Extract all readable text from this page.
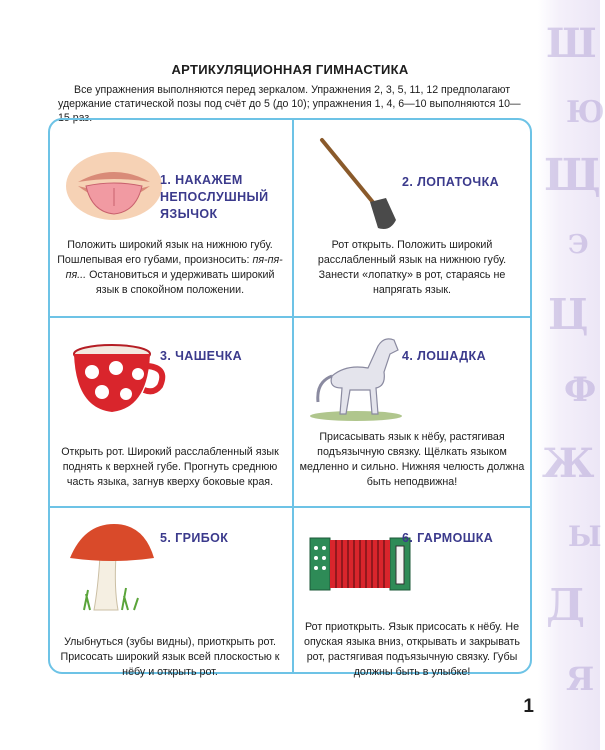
Ш
Ю
Щ
Э
Ц
Ф
Ж
Ы
Д
Я
АРТИКУЛЯЦИОННАЯ ГИМНАСТИКА
Все упражнения выполняются перед зеркалом. Упражнения 2, 3, 5, 11, 12 предполагают удержание статической позы под счёт до 5 (до 10); упражнения 1, 4, 6—10 выполняются 10—15 раз.
1. НАКАЖЕМ НЕПОСЛУШНЫЙ ЯЗЫЧОК
Положить широкий язык на нижнюю губу. Пошлепывая его губами, произносить: пя-пя-пя... Остановиться и удерживать широкий язык в спокойном положении.
2. ЛОПАТОЧКА
Рот открыть. Положить широкий расслабленный язык на нижнюю губу. Занести «лопатку» в рот, стараясь не напрягать язык.
3. ЧАШЕЧКА
Открыть рот. Широкий расслабленный язык поднять к верхней губе. Прогнуть среднюю часть языка, загнув кверху боковые края.
4. ЛОШАДКА
Присасывать язык к нёбу, растягивая подъязычную связку. Щёлкать языком медленно и сильно. Нижняя челюсть должна быть неподвижна!
5. ГРИБОК
Улыбнуться (зубы видны), приоткрыть рот. Присосать широкий язык всей плоскостью к нёбу и открыть рот.
6. ГАРМОШКА
Рот приоткрыть. Язык присосать к нёбу. Не опуская языка вниз, открывать и закрывать рот, растягивая подъязычную связку. Губы должны быть в улыбке!
1
